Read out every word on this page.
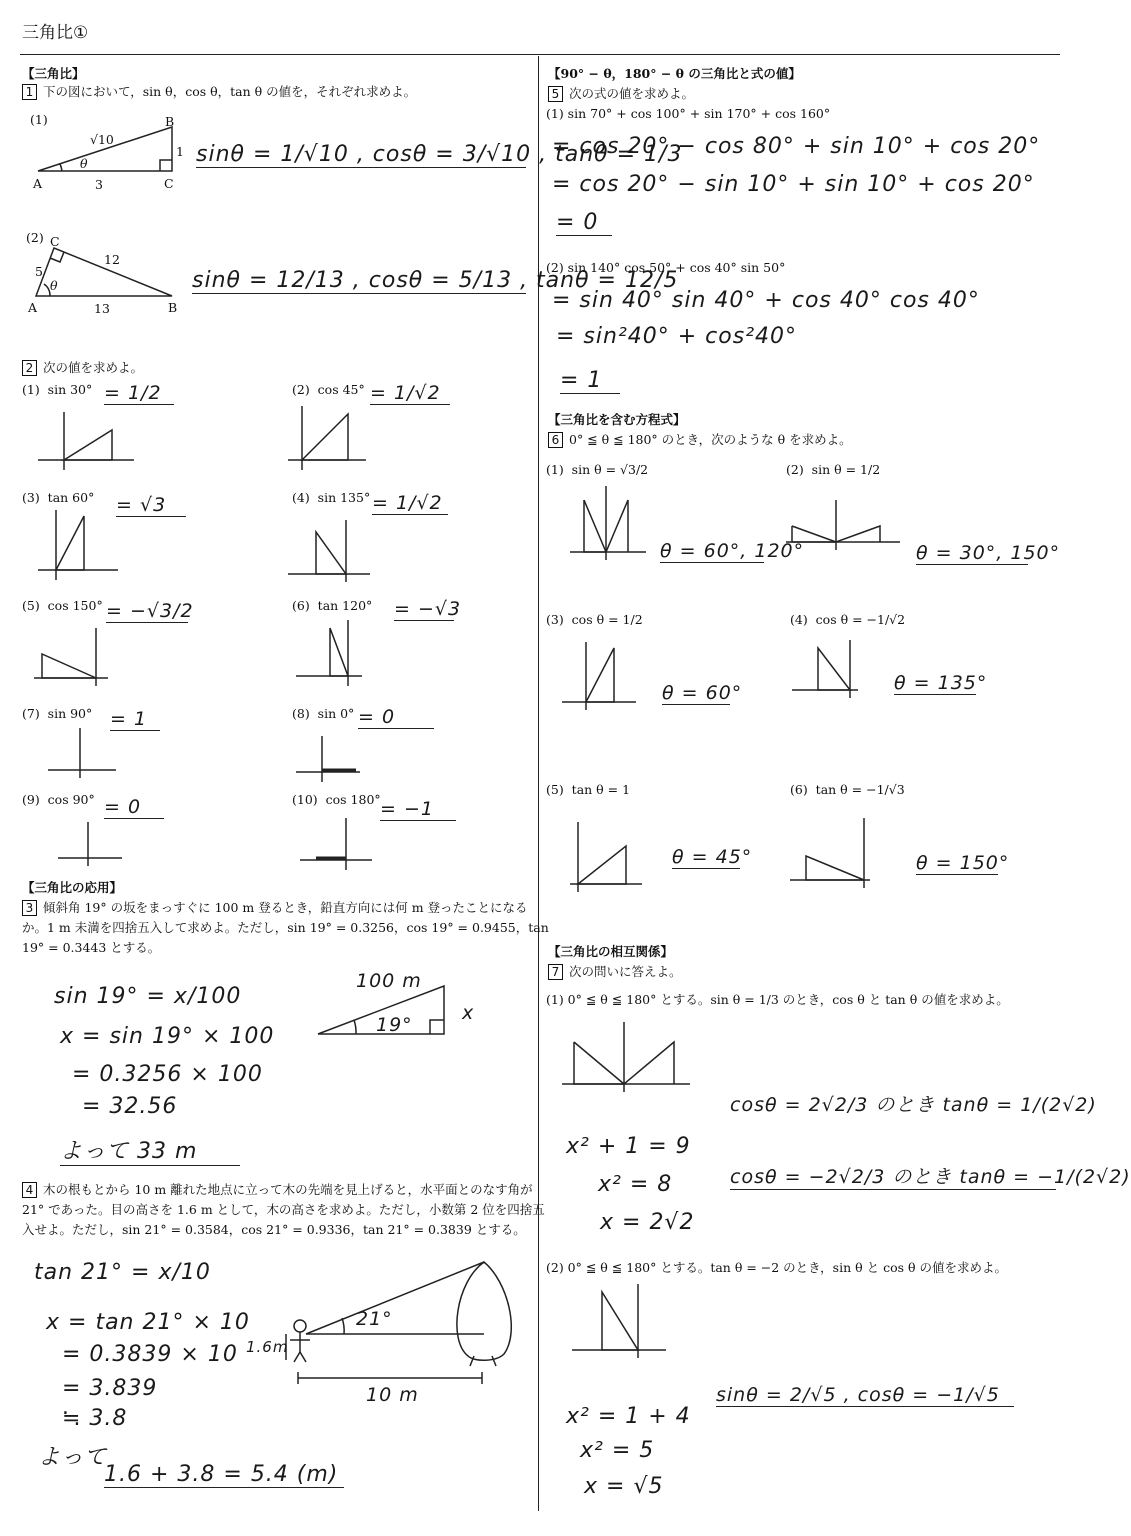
三角比①
【三角比】
1 下の図において，sin θ，cos θ，tan θ の値を，それぞれ求めよ。
(1)
√10
1
3
A
B
C
θ	sinθ = 1/√10 , cosθ = 3/√10 , tanθ = 1/3
(2)
5
12
13
A	B
C
θ	sinθ = 12/13 , cosθ = 5/13 , tanθ = 12/5
2 次の値を求めよ。
(1) sin 30° = 1/2	(2) cos 45° = 1/√2
(3) tan 60° = √3	(4) sin 135° = 1/√2
(5) cos 150° = −√3/2	(6) tan 120° = −√3
(7) sin 90° = 1	(8) sin 0° = 0
(9) cos 90° = 0	(10) cos 180° = −1
【三角比の応用】
3 傾斜角 19° の坂をまっすぐに 100 m 登るとき，鉛直方向には何 m 登ったことになるか。1 m 未満を四捨五入して求めよ。ただし，sin 19° = 0.3256，cos 19° = 0.9455，tan 19° = 0.3443 とする。
sin 19° = x/100
x = sin 19° × 100
= 0.3256 × 100
= 32.56
よって 33 m
100 m
19°
x
4 木の根もとから 10 m 離れた地点に立って木の先端を見上げると，水平面とのなす角が 21° であった。目の高さを 1.6 m として，木の高さを求めよ。ただし，小数第 2 位を四捨五入せよ。ただし，sin 21° = 0.3584，cos 21° = 0.9336，tan 21° = 0.3839 とする。
tan 21° = x/10
x = tan 21° × 10
= 0.3839 × 10
= 3.839
≒ 3.8
よって
1.6 + 3.8 = 5.4 (m)
21°
1.6m
10 m
【90° − θ，180° − θ の三角比と式の値】
5 次の式の値を求めよ。
(1) sin 70° + cos 100° + sin 170° + cos 160°
= cos 20° − cos 80° + sin 10° + cos 20°
= cos 20° − sin 10° + sin 10° + cos 20°
= 0
(2) sin 140° cos 50° + cos 40° sin 50°
= sin 40° sin 40° + cos 40° cos 40°
= sin²40° + cos²40°
= 1
【三角比を含む方程式】
6 0° ≦ θ ≦ 180° のとき，次のような θ を求めよ。
(1) sin θ = √3/2
θ = 60°, 120°
(2) sin θ = 1/2
θ = 30°, 150°
(3) cos θ = 1/2
θ = 60°
(4) cos θ = −1/√2
θ = 135°
(5) tan θ = 1
θ = 45°
(6) tan θ = −1/√3
θ = 150°
【三角比の相互関係】
7 次の問いに答えよ。
(1) 0° ≦ θ ≦ 180° とする。sin θ = 1/3 のとき，cos θ と tan θ の値を求めよ。
x² + 1 = 9
x² = 8
x = 2√2
cosθ = 2√2/3 のとき tanθ = 1/(2√2)
cosθ = −2√2/3 のとき tanθ = −1/(2√2)
(2) 0° ≦ θ ≦ 180° とする。tan θ = −2 のとき，sin θ と cos θ の値を求めよ。
x² = 1 + 4
x² = 5
x = √5
sinθ = 2/√5 , cosθ = −1/√5
